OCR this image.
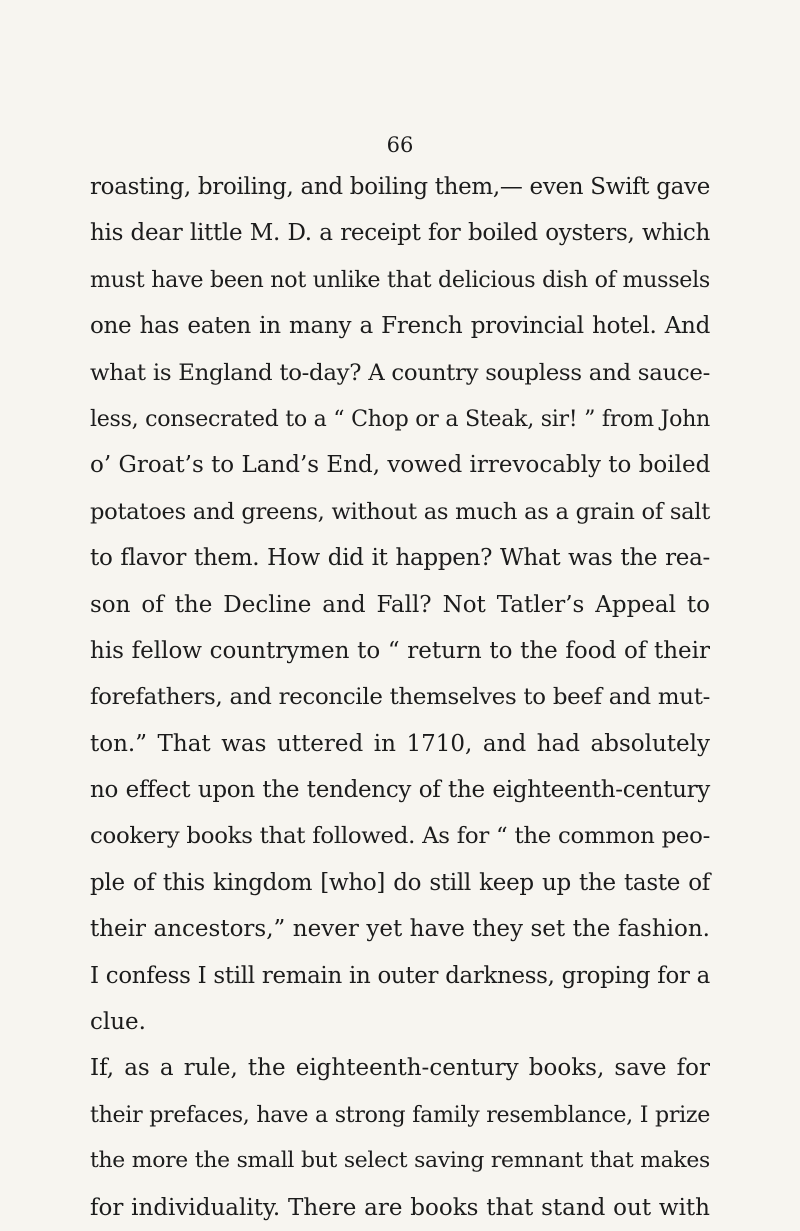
66
roasting, broiling, and boiling them,— even Swift gave
his dear little M. D. a receipt for boiled oysters, which
must have been not unlike that delicious dish of mussels
one has eaten in many a French provincial hotel. And
what is England to-day? A country soupless and sauce-
less, consecrated to a “ Chop or a Steak, sir! ” from John
o’ Groat’s to Land’s End, vowed irrevocably to boiled
potatoes and greens, without as much as a grain of salt
to flavor them. How did it happen? What was the rea-
son of the Decline and Fall? Not Tatler’s Appeal to
his fellow countrymen to “ return to the food of their
forefathers, and reconcile themselves to beef and mut-
ton.” That was uttered in 1710, and had absolutely
no effect upon the tendency of the eighteenth-century
cookery books that followed. As for “ the common peo-
ple of this kingdom [who] do still keep up the taste of
their ancestors,” never yet have they set the fashion.
I confess I still remain in outer darkness, groping for a
clue.
If, as a rule, the eighteenth-century books, save for
their prefaces, have a strong family resemblance, I prize
the more the small but select saving remnant that makes
for individuality. There are books that stand out with
